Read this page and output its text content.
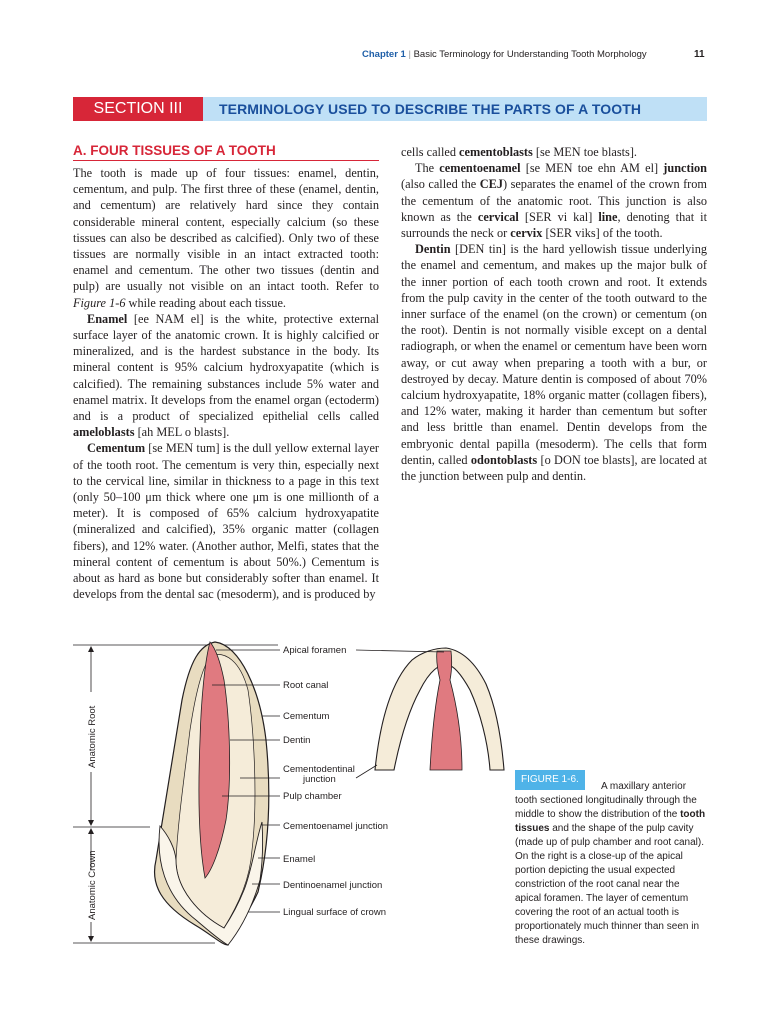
Chapter 1 | Basic Terminology for Understanding Tooth Morphology	11
SECTION III	TERMINOLOGY USED TO DESCRIBE THE PARTS OF A TOOTH
A. FOUR TISSUES OF A TOOTH

The tooth is made up of four tissues: enamel, dentin, cementum, and pulp. The first three of these (enamel, dentin, and cementum) are relatively hard since they contain considerable mineral content, especially calcium (so these tissues can also be described as calcified). Only two of these tissues are normally visible in an intact extracted tooth: enamel and cementum. The other two tissues (dentin and pulp) are usually not visible on an intact tooth. Refer to Figure 1-6 while reading about each tissue.

Enamel [ee NAM el] is the white, protective external surface layer of the anatomic crown. It is highly calcified or mineralized, and is the hardest substance in the body. Its mineral content is 95% calcium hydroxyapatite (which is calcified). The remaining substances include 5% water and enamel matrix. It develops from the enamel organ (ectoderm) and is a product of specialized epithelial cells called ameloblasts [ah MEL o blasts].

Cementum [se MEN tum] is the dull yellow external layer of the tooth root. The cementum is very thin, especially next to the cervical line, similar in thickness to a page in this text (only 50–100 μm thick where one μm is one millionth of a meter). It is composed of 65% calcium hydroxyapatite (mineralized and calcified), 35% organic matter (collagen fibers), and 12% water. (Another author, Melfi, states that the mineral content of cementum is about 50%.) Cementum is about as hard as bone but considerably softer than enamel. It develops from the dental sac (mesoderm), and is produced by

cells called cementoblasts [se MEN toe blasts].

The cementoenamel [se MEN toe ehn AM el] junction (also called the CEJ) separates the enamel of the crown from the cementum of the anatomic root. This junction is also known as the cervical [SER vi kal] line, denoting that it surrounds the neck or cervix [SER viks] of the tooth.

Dentin [DEN tin] is the hard yellowish tissue underlying the enamel and cementum, and makes up the major bulk of the inner portion of each tooth crown and root. It extends from the pulp cavity in the center of the tooth outward to the inner surface of the enamel (on the crown) or cementum (on the root). Dentin is not normally visible except on a dental radiograph, or when the enamel or cementum have been worn away, or cut away when preparing a tooth with a bur, or destroyed by decay. Mature dentin is composed of about 70% calcium hydroxyapatite, 18% organic matter (collagen fibers), and 12% water, making it harder than cementum but softer and less brittle than enamel. Dentin develops from the embryonic dental papilla (mesoderm). The cells that form dentin, called odontoblasts [o DON toe blasts], are located at the junction between pulp and dentin.

Anatomic Root
Anatomic Crown
Apical foramen
Root canal
Cementum
Dentin
Cementodentinal
junction
Pulp chamber
Cementoenamel junction
Enamel
Dentinoenamel junction
Lingual surface of crown
FIGURE 1-6.
A maxillary anterior tooth sectioned longitudinally through the middle to show the distribution of the tooth tissues and the shape of the pulp cavity (made up of pulp chamber and root canal). On the right is a close-up of the apical portion depicting the usual expected constriction of the root canal near the apical foramen. The layer of cementum covering the root of an actual tooth is proportionately much thinner than seen in these drawings.
